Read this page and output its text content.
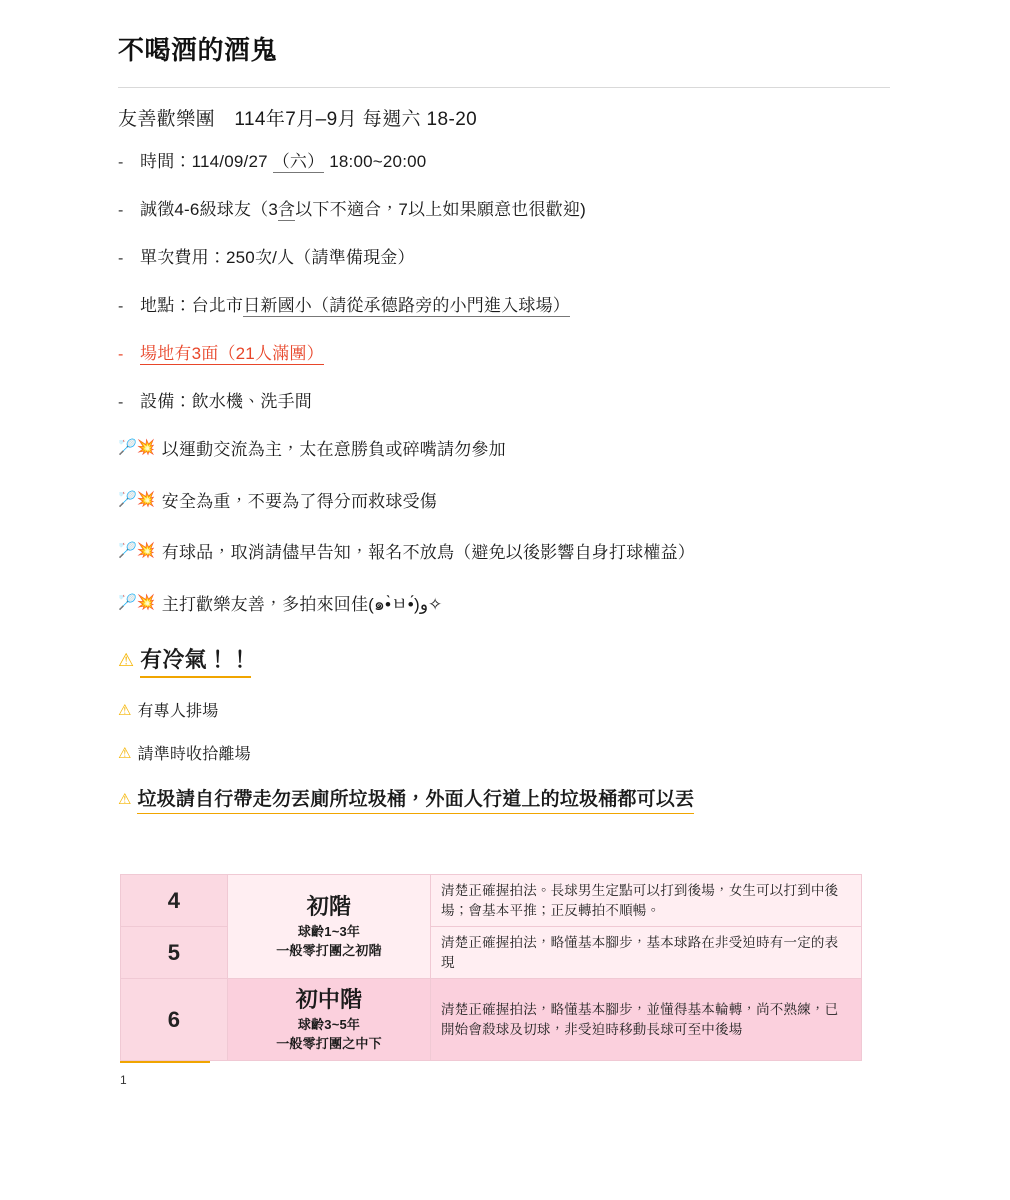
不喝酒的酒鬼
友善歡樂團　114年7月–9月 每週六 18-20
- 時間：114/09/27 （六） 18:00~20:00
- 誠徵4-6級球友（3含以下不適合，7以上如果願意也很歡迎)
- 單次費用：250次/人（請準備現金）
- 地點：台北市日新國小（請從承德路旁的小門進入球場）
- 場地有3面（21人滿團）
- 設備：飲水機、洗手間
🏸💥 以運動交流為主，太在意勝負或碎嘴請勿參加
🏸💥 安全為重，不要為了得分而救球受傷
🏸💥 有球品，取消請儘早告知，報名不放鳥（避免以後影響自身打球權益）
🏸💥 主打歡樂友善，多拍來回佳(๑•̀ㅂ•́)و✧
⚠ 有冷氣！！
⚠ 有專人排場
⚠ 請準時收拾離場
⚠ 垃圾請自行帶走勿丟廁所垃圾桶，外面人行道上的垃圾桶都可以丟
4	初階
球齡1~3年
一般零打團之初階	清楚正確握拍法。長球男生定點可以打到後場，女生可以打到中後場；會基本平推；正反轉拍不順暢。
5		清楚正確握拍法，略懂基本腳步，基本球路在非受迫時有一定的表現
6	初中階
球齡3~5年
一般零打團之中下	清楚正確握拍法，略懂基本腳步，並懂得基本輪轉，尚不熟練，已開始會殺球及切球，非受迫時移動長球可至中後場
1
